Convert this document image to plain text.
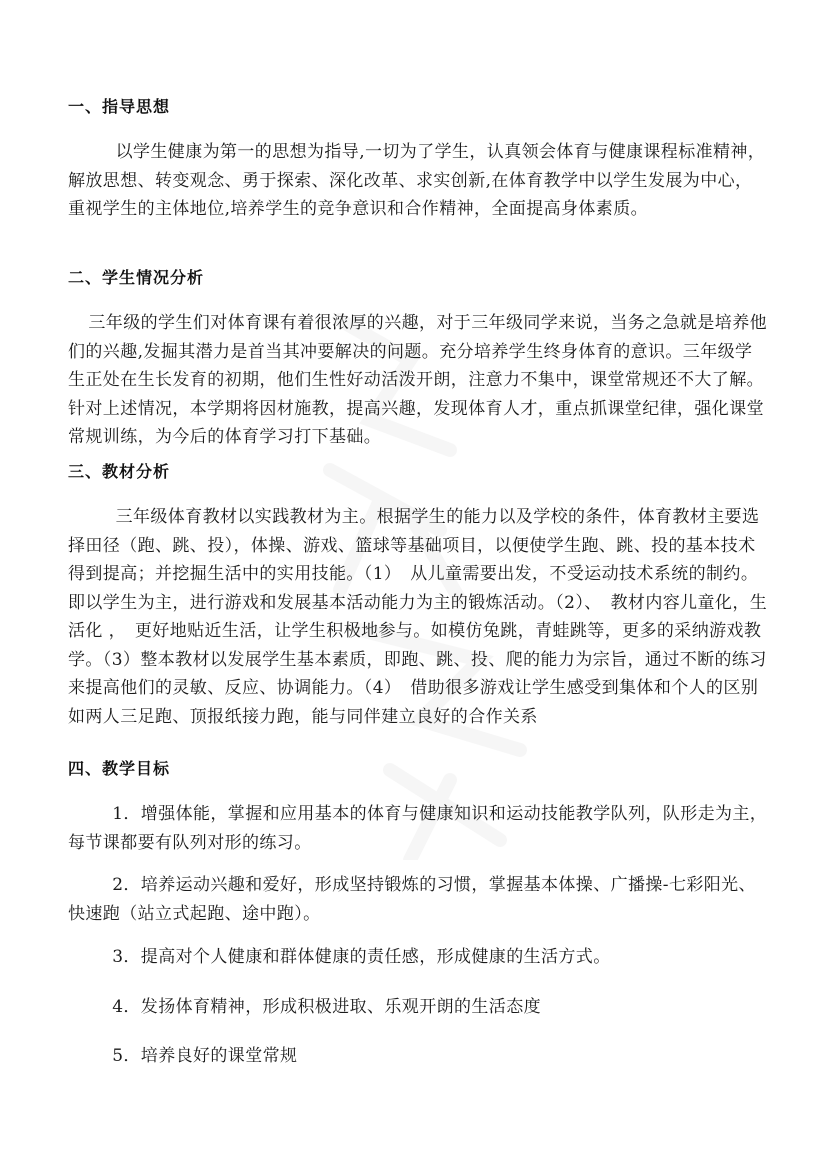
一、指导思想
以学生健康为第一的思想为指导,一切为了学生，认真领会体育与健康课程标准精神，解放思想、转变观念、勇于探索、深化改革、求实创新,在体育教学中以学生发展为中心，重视学生的主体地位,培养学生的竞争意识和合作精神，全面提高身体素质。
二、学生情况分析
三年级的学生们对体育课有着很浓厚的兴趣，对于三年级同学来说，当务之急就是培养他们的兴趣,发掘其潜力是首当其冲要解决的问题。充分培养学生终身体育的意识。三年级学生正处在生长发育的初期，他们生性好动活泼开朗，注意力不集中，课堂常规还不大了解。针对上述情况，本学期将因材施教，提高兴趣，发现体育人才，重点抓课堂纪律，强化课堂常规训练，为今后的体育学习打下基础。
三、教材分析
三年级体育教材以实践教材为主。根据学生的能力以及学校的条件，体育教材主要选择田径（跑、跳、投），体操、游戏、篮球等基础项目，以便使学生跑、跳、投的基本技术得到提高；并挖掘生活中的实用技能。（1）　从儿童需要出发，不受运动技术系统的制约。即以学生为主，进行游戏和发展基本活动能力为主的锻炼活动。（2）、　教材内容儿童化，生活化 ，　更好地贴近生活，让学生积极地参与。如模仿兔跳，青蛙跳等，更多的采纳游戏教学。（3）整本教材以发展学生基本素质，即跑、跳、投、爬的能力为宗旨，通过不断的练习来提高他们的灵敏、反应、协调能力。（4）　借助很多游戏让学生感受到集体和个人的区别如两人三足跑、顶报纸接力跑，能与同伴建立良好的合作关系
四、教学目标
1．增强体能，掌握和应用基本的体育与健康知识和运动技能教学队列，队形走为主，每节课都要有队列对形的练习。
2．培养运动兴趣和爱好，形成坚持锻炼的习惯，掌握基本体操、广播操-七彩阳光、快速跑（站立式起跑、途中跑）。
3．提高对个人健康和群体健康的责任感，形成健康的生活方式。
4．发扬体育精神，形成积极进取、乐观开朗的生活态度
5．培养良好的课堂常规
